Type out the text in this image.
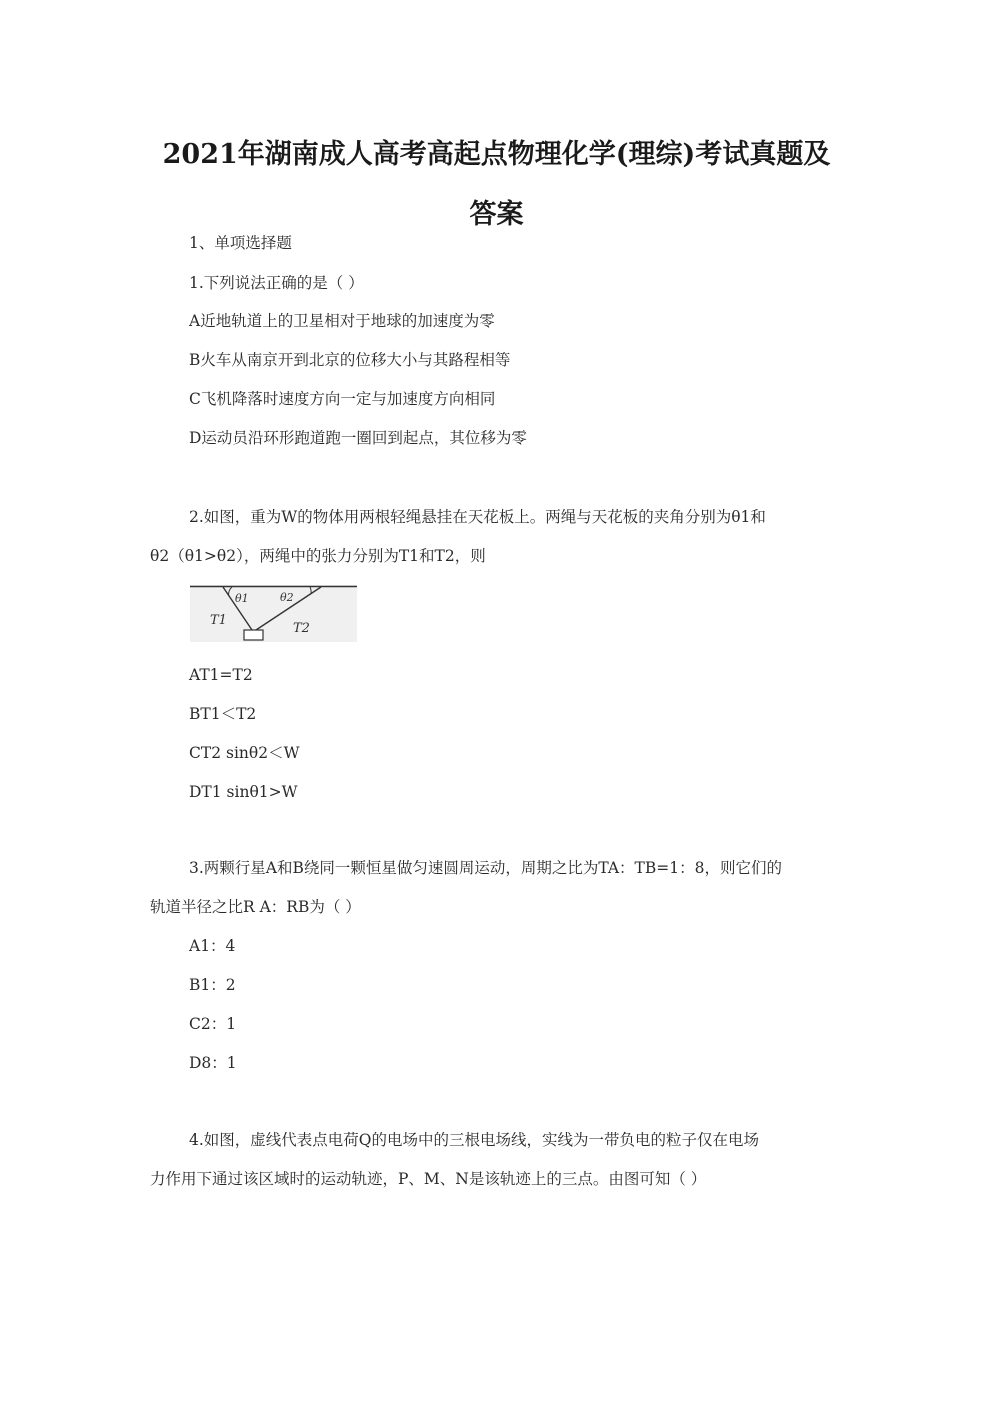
2021年湖南成人高考高起点物理化学(理综)考试真题及答案
1、单项选择题
1.下列说法正确的是（ ）
A近地轨道上的卫星相对于地球的加速度为零
B火车从南京开到北京的位移大小与其路程相等
C飞机降落时速度方向一定与加速度方向相同
D运动员沿环形跑道跑一圈回到起点，其位移为零
2.如图，重为W的物体用两根轻绳悬挂在天花板上。两绳与天花板的夹角分别为θ1和
θ2（θ1>θ2），两绳中的张力分别为T1和T2，则
θ1	θ2
T1
T2
AT1=T2
BT1＜T2
CT2 sinθ2＜W
DT1 sinθ1>W
3.两颗行星A和B绕同一颗恒星做匀速圆周运动，周期之比为TA：TB=1：8，则它们的
轨道半径之比R A：RB为（ ）
A1：4
B1：2
C2：1
D8：1
4.如图，虚线代表点电荷Q的电场中的三根电场线，实线为一带负电的粒子仅在电场
力作用下通过该区域时的运动轨迹，P、M、N是该轨迹上的三点。由图可知（ ）
